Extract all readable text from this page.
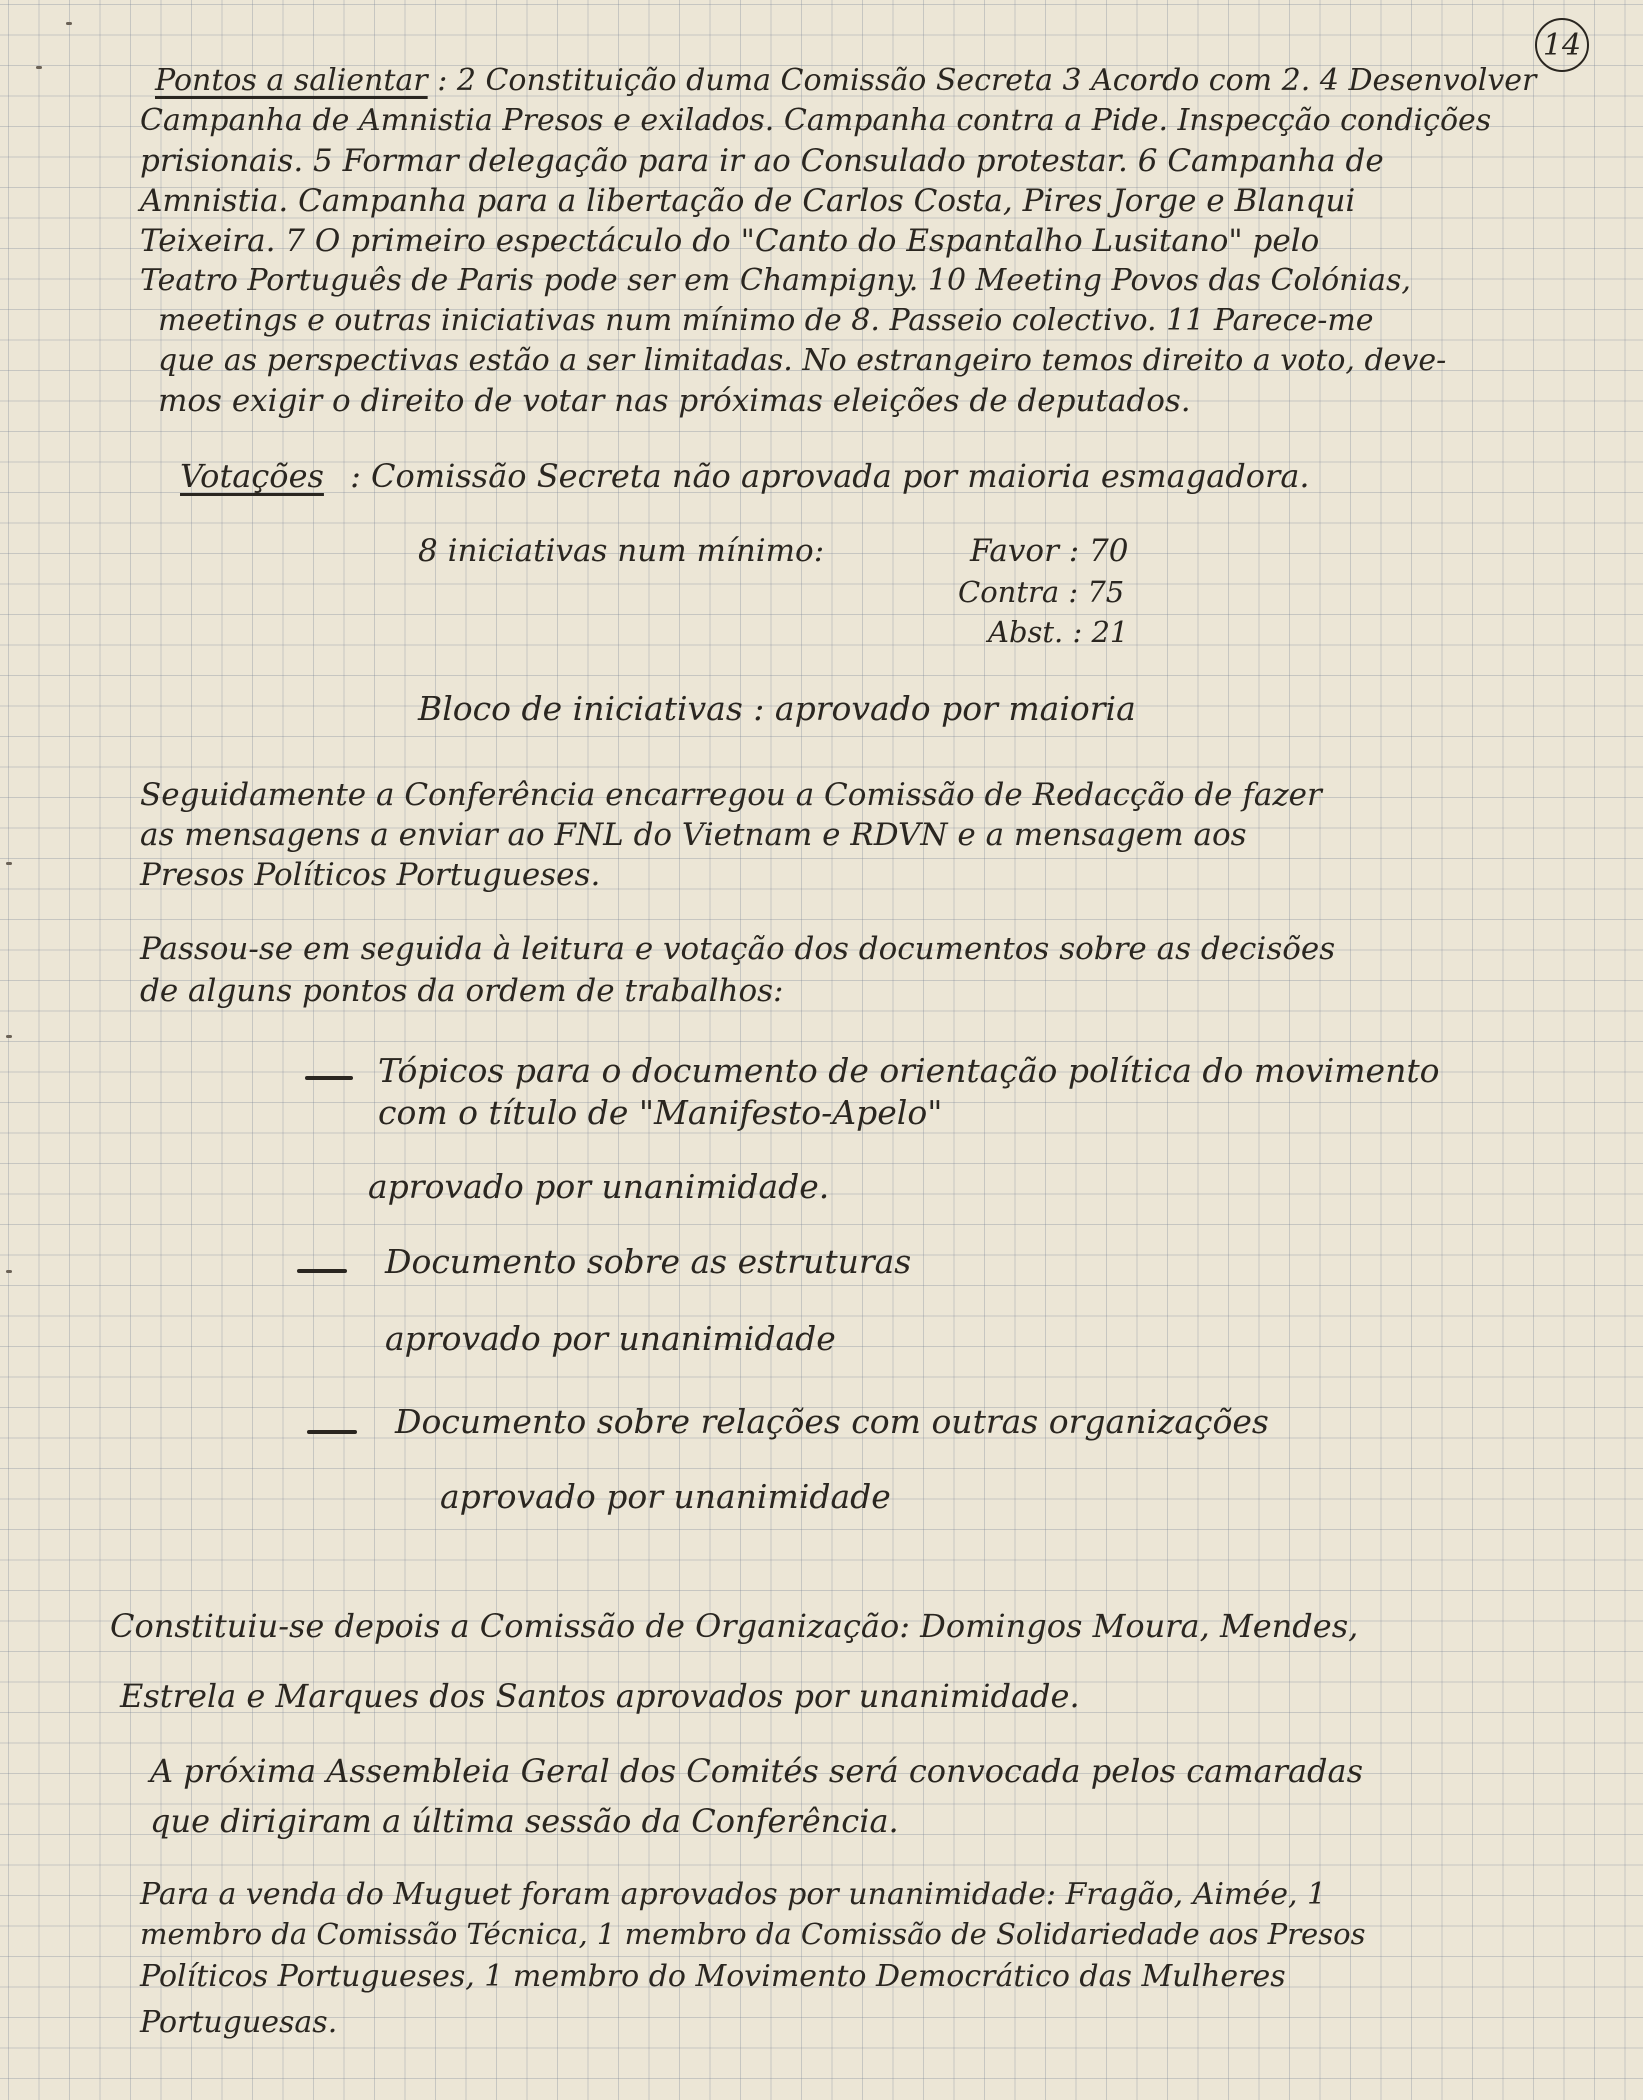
14
Pontos a salientar : 2 Constituição duma Comissão Secreta 3 Acordo com 2. 4 Desenvolver
Campanha de Amnistia Presos e exilados. Campanha contra a Pide. Inspecção condições
prisionais. 5 Formar delegação para ir ao Consulado protestar. 6 Campanha de
Amnistia. Campanha para a libertação de Carlos Costa, Pires Jorge e Blanqui
Teixeira. 7 O primeiro espectáculo do "Canto do Espantalho Lusitano" pelo
Teatro Português de Paris pode ser em Champigny. 10 Meeting Povos das Colónias,
meetings e outras iniciativas num mínimo de 8. Passeio colectivo. 11 Parece-me
que as perspectivas estão a ser limitadas. No estrangeiro temos direito a voto, deve-
mos exigir o direito de votar nas próximas eleições de deputados.
Votações : Comissão Secreta não aprovada por maioria esmagadora.
8 iniciativas num mínimo:	Favor : 70
Contra : 75
Abst. : 21
Bloco de iniciativas : aprovado por maioria
Seguidamente a Conferência encarregou a Comissão de Redacção de fazer
as mensagens a enviar ao FNL do Vietnam e RDVN e a mensagem aos
Presos Políticos Portugueses.
Passou-se em seguida à leitura e votação dos documentos sobre as decisões
de alguns pontos da ordem de trabalhos:
Tópicos para o documento de orientação política do movimento
com o título de "Manifesto-Apelo"
aprovado por unanimidade.
Documento sobre as estruturas
aprovado por unanimidade
Documento sobre relações com outras organizações
aprovado por unanimidade
Constituiu-se depois a Comissão de Organização: Domingos Moura, Mendes,
Estrela e Marques dos Santos aprovados por unanimidade.
A próxima Assembleia Geral dos Comités será convocada pelos camaradas
que dirigiram a última sessão da Conferência.
Para a venda do Muguet foram aprovados por unanimidade: Fragão, Aimée, 1
membro da Comissão Técnica, 1 membro da Comissão de Solidariedade aos Presos
Políticos Portugueses, 1 membro do Movimento Democrático das Mulheres
Portuguesas.
